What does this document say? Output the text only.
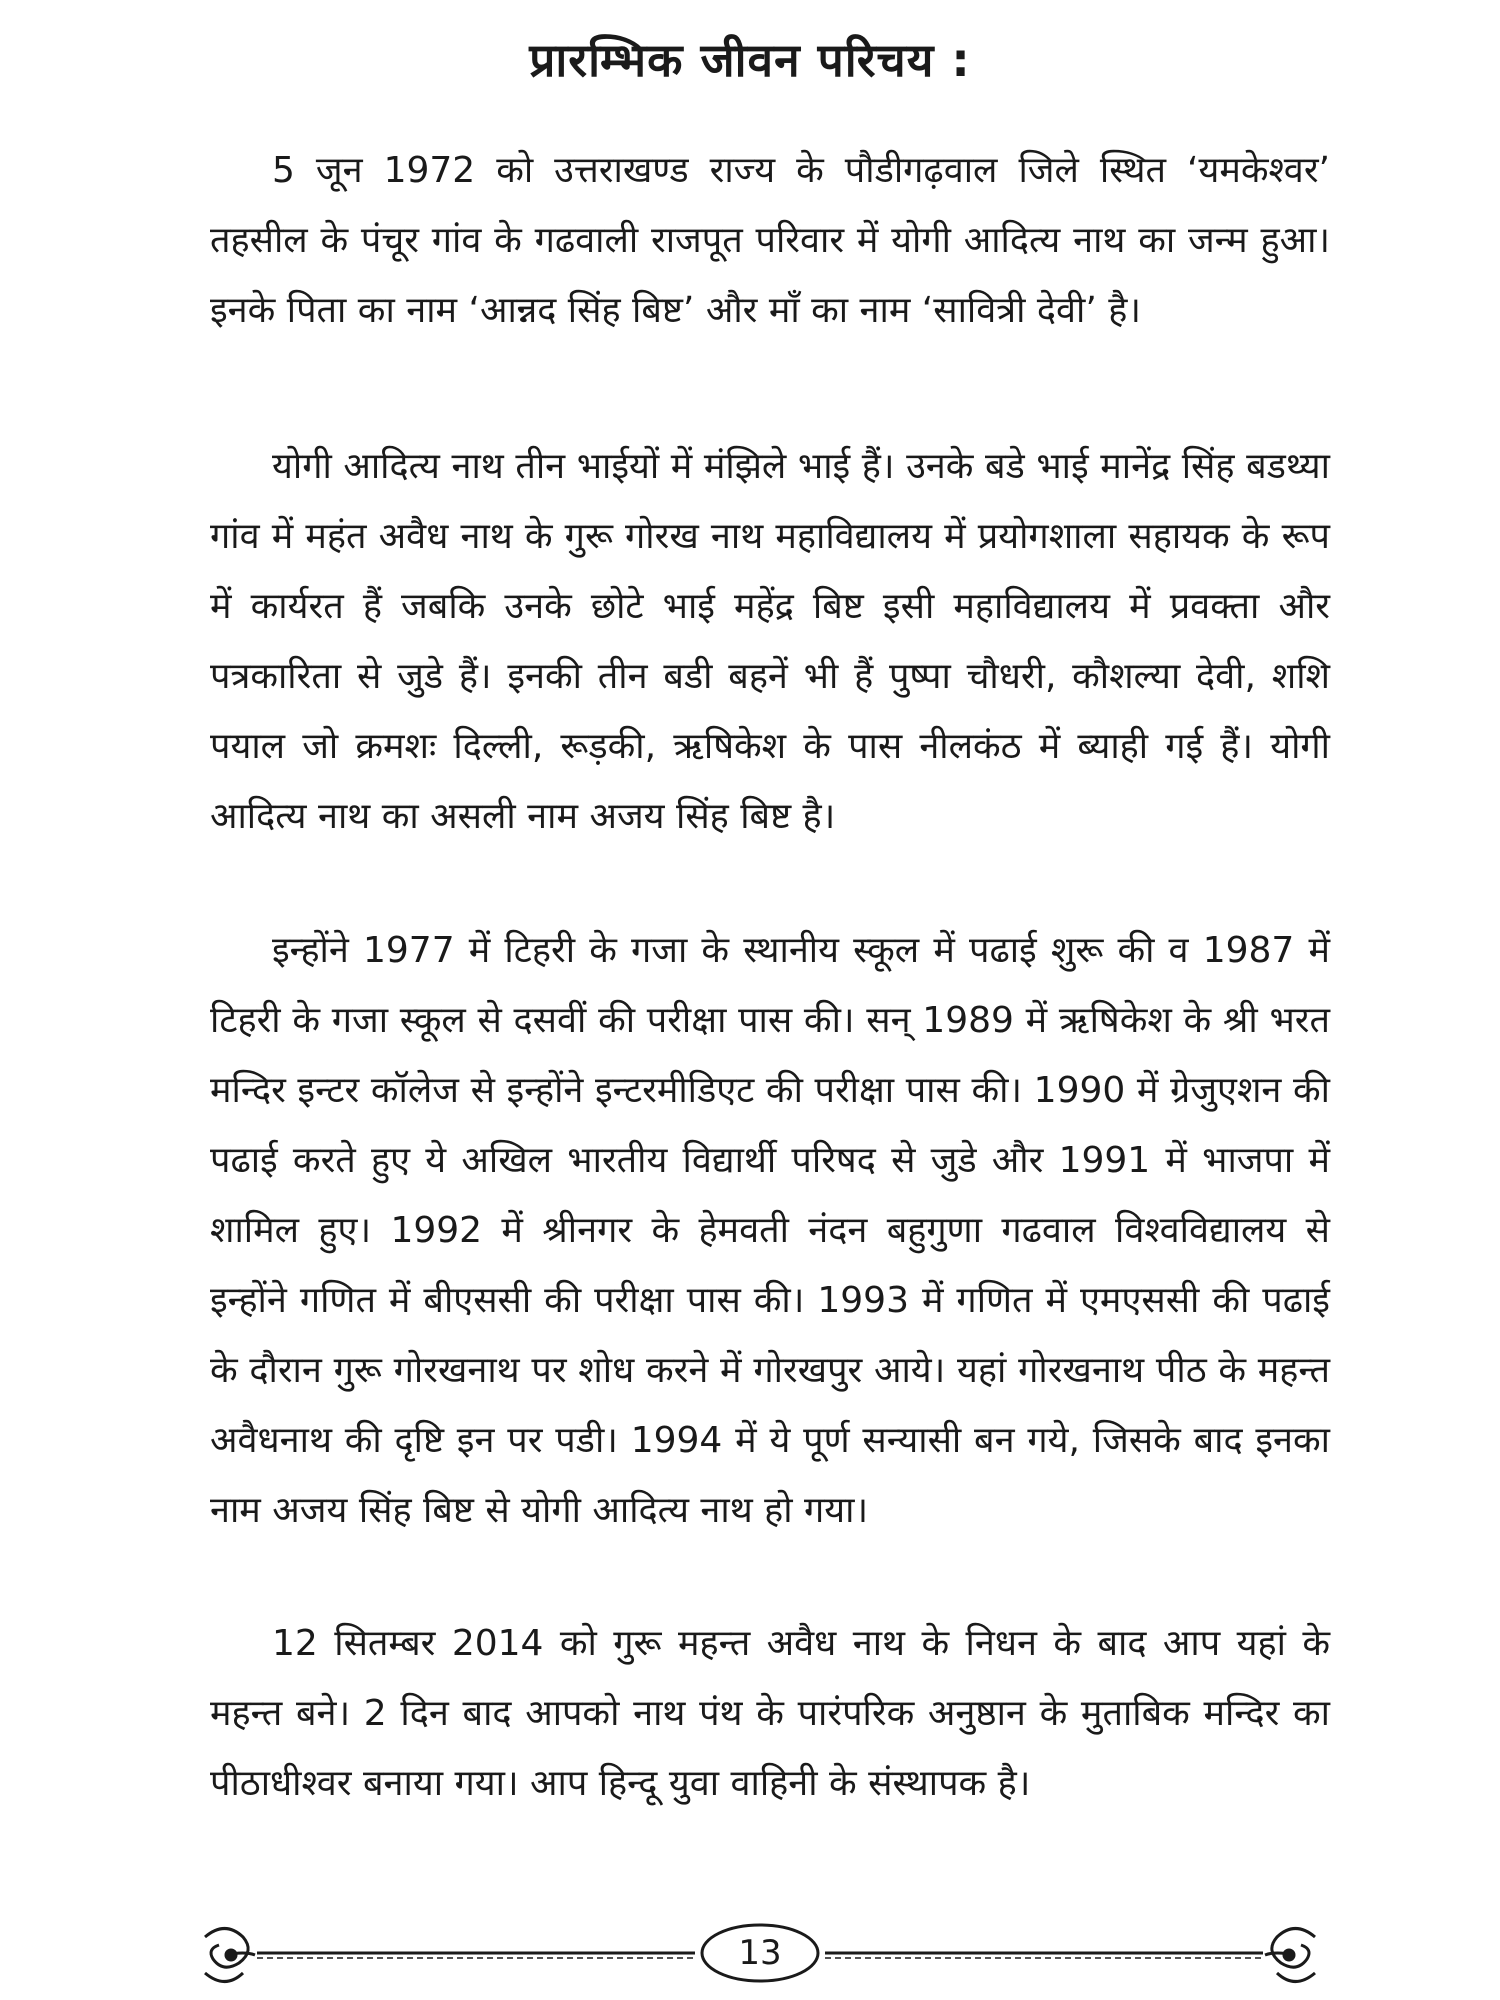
प्रारम्भिक जीवन परिचय :

5 जून 1972 को उत्तराखण्ड राज्य के पौडीगढ़वाल जिले स्थित ‘यमकेश्वर’ तहसील के पंचूर गांव के गढवाली राजपूत परिवार में योगी आदित्य नाथ का जन्म हुआ। इनके पिता का नाम ‘आन्नद सिंह बिष्ट’ और माँ का नाम ‘सावित्री देवी’ है।

योगी आदित्य नाथ तीन भाईयों में मंझिले भाई हैं। उनके बडे भाई मानेंद्र सिंह बडथ्या गांव में महंत अवैध नाथ के गुरू गोरख नाथ महाविद्यालय में प्रयोगशाला सहायक के रूप में कार्यरत हैं जबकि उनके छोटे भाई महेंद्र बिष्ट इसी महाविद्यालय में प्रवक्ता और पत्रकारिता से जुडे हैं। इनकी तीन बडी बहनें भी हैं पुष्पा चौधरी, कौशल्या देवी, शशि पयाल जो क्रमशः दिल्ली, रूड़की, ऋषिकेश के पास नीलकंठ में ब्याही गई हैं। योगी आदित्य नाथ का असली नाम अजय सिंह बिष्ट है।

इन्होंने 1977 में टिहरी के गजा के स्थानीय स्कूल में पढाई शुरू की व 1987 में टिहरी के गजा स्कूल से दसवीं की परीक्षा पास की। सन् 1989 में ऋषिकेश के श्री भरत मन्दिर इन्टर कॉलेज से इन्होंने इन्टरमीडिएट की परीक्षा पास की। 1990 में ग्रेजुएशन की पढाई करते हुए ये अखिल भारतीय विद्यार्थी परिषद से जुडे और 1991 में भाजपा में शामिल हुए। 1992 में श्रीनगर के हेमवती नंदन बहुगुणा गढवाल विश्वविद्यालय से इन्होंने गणित में बीएससी की परीक्षा पास की। 1993 में गणित में एमएससी की पढाई के दौरान गुरू गोरखनाथ पर शोध करने में गोरखपुर आये। यहां गोरखनाथ पीठ के महन्त अवैधनाथ की दृष्टि इन पर पडी। 1994 में ये पूर्ण सन्यासी बन गये, जिसके बाद इनका नाम अजय सिंह बिष्ट से योगी आदित्य नाथ हो गया।

12 सितम्बर 2014 को गुरू महन्त अवैध नाथ के निधन के बाद आप यहां के महन्त बने। 2 दिन बाद आपको नाथ पंथ के पारंपरिक अनुष्ठान के मुताबिक मन्दिर का पीठाधीश्वर बनाया गया। आप हिन्दू युवा वाहिनी के संस्थापक है।

13
